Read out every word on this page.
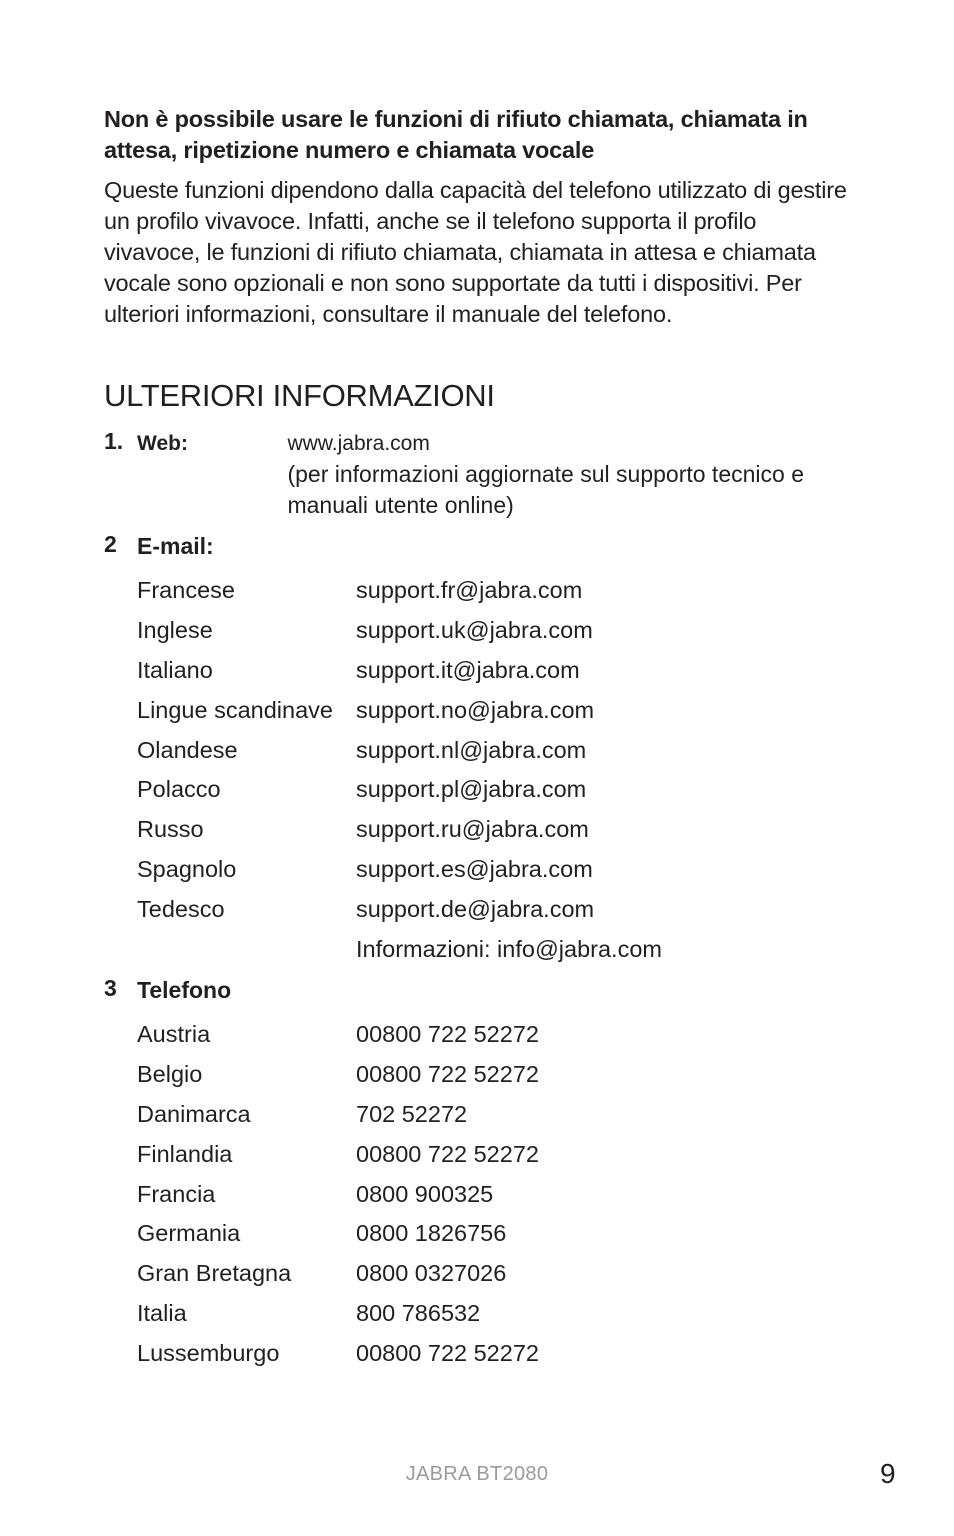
Non è possibile usare le funzioni di rifiuto chiamata, chiamata in attesa, ripetizione numero e chiamata vocale

Queste funzioni dipendono dalla capacità del telefono utilizzato di gestire un profilo vivavoce. Infatti, anche se il telefono supporta il profilo vivavoce, le funzioni di rifiuto chiamata, chiamata in attesa e chiamata vocale sono opzionali e non sono supportate da tutti i dispositivi. Per ulteriori informazioni, consultare il manuale del telefono.

ULTERIORI INFORMAZIONI
1. Web:	www.jabra.com
(per informazioni aggiornate sul supporto tecnico e manuali utente online)
2 E-mail:
Francese	support.fr@jabra.com
Inglese	support.uk@jabra.com
Italiano	support.it@jabra.com
Lingue scandinave support.no@jabra.com
Olandese	support.nl@jabra.com
Polacco	support.pl@jabra.com
Russo	support.ru@jabra.com
Spagnolo	support.es@jabra.com
Tedesco	support.de@jabra.com
Informazioni: info@jabra.com
3 Telefono
Austria	00800 722 52272
Belgio	00800 722 52272
Danimarca	702 52272
Finlandia	00800 722 52272
Francia	0800 900325
Germania	0800 1826756
Gran Bretagna	0800 0327026
Italia	800 786532
Lussemburgo	00800 722 52272
JABRA BT2080	9
